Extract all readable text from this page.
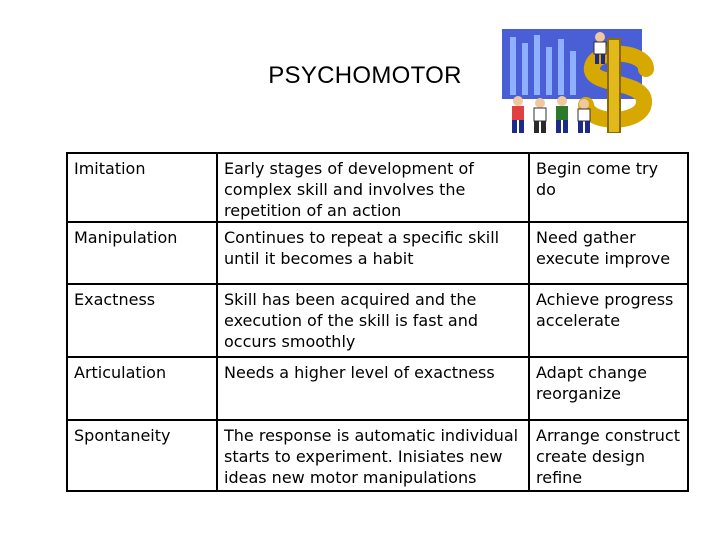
PSYCHOMOTOR
Imitation	Early stages of development of complex skill and involves the repetition of an action	Begin come try do
Manipulation	Continues to repeat a specific skill until it becomes a habit	Need gather execute improve
Exactness	Skill has been acquired and the execution of the skill is fast and occurs smoothly	Achieve progress accelerate
Articulation	Needs a higher level of exactness	Adapt change reorganize
Spontaneity	The response is automatic individual starts to experiment. Inisiates new ideas new motor manipulations	Arrange construct create design refine
